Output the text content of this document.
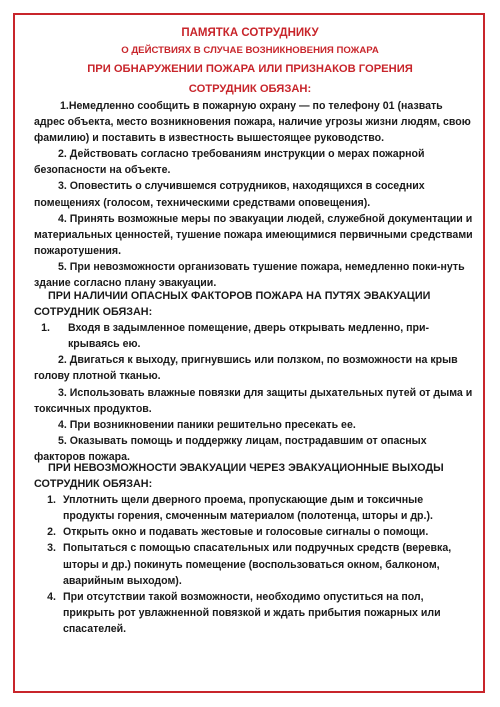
ПАМЯТКА СОТРУДНИКУ
О ДЕЙСТВИЯХ В СЛУЧАЕ ВОЗНИКНОВЕНИЯ ПОЖАРА
ПРИ ОБНАРУЖЕНИИ ПОЖАРА ИЛИ ПРИЗНАКОВ ГОРЕНИЯ
СОТРУДНИК ОБЯЗАН:

1.Немедленно сообщить в пожарную охрану — по телефону 01 (назвать адрес объекта, место возникновения пожара, наличие угрозы жизни людям, свою фамилию) и поставить в известность вышестоящее руководство.

2. Действовать согласно требованиям инструкции о мерах пожарной безопасности на объекте.

3. Оповестить о случившемся сотрудников, находящихся в соседних помещениях (голосом, техническими средствами оповещения).

4. Принять возможные меры по эвакуации людей, служебной документации и материальных ценностей, тушение пожара имеющимися первичными средствами пожаротушения.

5. При невозможности организовать тушение пожара, немедленно поки-нуть здание согласно плану эвакуации.

ПРИ НАЛИЧИИ ОПАСНЫХ ФАКТОРОВ ПОЖАРА НА ПУТЯХ ЭВАКУАЦИИ СОТРУДНИК ОБЯЗАН:

1.	Входя в задымленное помещение, дверь открывать медленно, при-крываясь ею.

2. Двигаться к выходу, пригнувшись или ползком, по возможности на крыв голову плотной тканью.

3. Использовать влажные повязки для защиты дыхательных путей от дыма и токсичных продуктов.

4. При возникновении паники решительно пресекать ее.

5. Оказывать помощь и поддержку лицам, пострадавшим от опасных факторов пожара.

ПРИ НЕВОЗМОЖНОСТИ ЭВАКУАЦИИ ЧЕРЕЗ ЭВАКУАЦИОННЫЕ ВЫХОДЫ СОТРУДНИК ОБЯЗАН:

1. Уплотнить щели дверного проема, пропускающие дым и токсичные продукты горения, смоченным материалом (полотенца, шторы и др.).
2. Открыть окно и подавать жестовые и голосовые сигналы о помощи.
3. Попытаться с помощью спасательных или подручных средств (веревка, шторы и др.) покинуть помещение (воспользоваться окном, балконом, аварийным выходом).
4. При отсутствии такой возможности, необходимо опуститься на пол, прикрыть рот увлажненной повязкой и ждать прибытия пожарных или спасателей.
